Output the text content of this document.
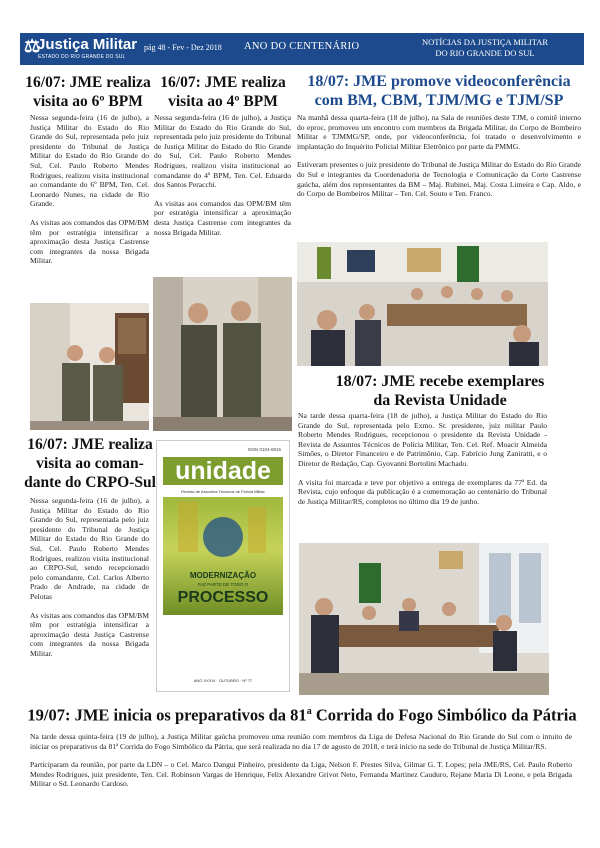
⚖
Justiça Militar
ESTADO DO RIO GRANDE DO SUL
pág 48 - Fev - Dez 2018 ANO DO CENTENÁRIO	NOTÍCIAS DA JUSTIÇA MILITAR
DO RIO GRANDE DO SUL
16/07: JME realiza
visita ao 6º BPM

Nessa segunda-feira (16 de julho), a Justiça Militar do Estado do Rio Grande do Sul, representada pelo juiz presidente do Tribunal de Justiça Militar do Estado do Rio Grande do Sul, Cel. Paulo Roberto Mendes Rodrigues, realizou visita institucional ao comandante do 6º BPM, Ten. Cel. Leonardo Nunes, na cidade de Rio Grande.

As visitas aos comandos das OPM/BM têm por estratégia intensificar a aproximação desta Justiça Castrense com integrantes da nossa Brigada Militar.

16/07: JME realiza
visita ao 4º BPM

Nessa segunda-feira (16 de julho), a Justiça Militar do Estado do Rio Grande do Sul, representada pelo juiz presidente do Tribunal de Justiça Militar do Estado do Rio Grande do Sul, Cel. Paulo Roberto Mendes Rodrigues, realizou visita institucional ao comandante do 4º BPM, Ten. Cel. Eduardo dos Santos Peracchi.

As visitas aos comandos das OPM/BM têm por estratégia intensificar a aproximação desta Justiça Castrense com integrantes da nossa Brigada Militar.

16/07: JME realiza
visita ao coman-
dante do CRPO-Sul

Nessa segunda-feira (16 de julho), a Justiça Militar do Estado do Rio Grande do Sul, representada pelo juiz presidente do Tribunal de Justiça Militar do Estado do Rio Grande do Sul, Cel. Paulo Roberto Mendes Rodrigues, realizou visita institucional ao CRPO-Sul, sendo recepcionado pelo comandante, Cel. Carlos Alberto Prado de Andrade, na cidade de Pelotas

As visitas aos comandos das OPM/BM têm por estratégia intensificar a aproximação desta Justiça Castrense com integrantes da nossa Brigada Militar.

ISSN 0104-6815
unidade
Revista de Assuntos Técnicos de Polícia Militar
MODERNIZAÇÃO
FAZ PARTE DE TODO O
PROCESSO
ANO XXXVI · OUTUBRO · Nº 77
18/07: JME promove videoconferência
com BM, CBM, TJM/MG e TJM/SP

Na manhã dessa quarta-feira (18 de julho), na Sala de reuniões deste TJM, o comitê interno do eproc, promoveu um encontro com membros da Brigada Militar, do Corpo de Bombeiro Militar e TJMMG/SP, onde, por videoconferência, foi tratado o desenvolvimento e implantação do Inquérito Policial Militar Eletrônico por parte da PMMG.

Estiveram presentes o juiz presidente do Tribunal de Justiça Militar do Estado do Rio Grande do Sul e integrantes da Coordenadoria de Tecnologia e Comunicação da Corte Castrense gaúcha, além dos representantes da BM – Maj. Rubinei, Maj. Costa Limeira e Cap. Aldo, e do Corpo de Bombeiros Militar – Ten. Cel. Souto e Ten. Franco.

18/07: JME recebe exemplares
da Revista Unidade

Na tarde dessa quarta-feira (18 de julho), a Justiça Militar do Estado do Rio Grande do Sul, representada pelo Exmo. Sr. presidente, juiz militar Paulo Roberto Mendes Rodrigues, recepcionou o presidente da Revista Unidade - Revista de Assuntos Técnicos de Polícia Militar, Ten. Cel. Ref. Moacir Almeida Simões, o Diretor Financeiro e de Patrimônio, Cap. Fabrício Jung Zaniratti, e o Diretor de Redação, Cap. Gyovanni Bortolini Machado.

A visita foi marcada e teve por objetivo a entrega de exemplares da 77ª Ed. da Revista, cujo enfoque da publicação é a comemoração ao centenário do Tribunal de Justiça Militar/RS, completos no último dia 19 de junho.

19/07: JME inicia os preparativos da 81$^a$ Corrida do Fogo Simbólico da Pátria

Na tarde dessa quinta-feira (19 de julho), a Justiça Militar gaúcha promoveu uma reunião com membros da Liga de Defesa Nacional do Rio Grande do Sul com o intuito de iniciar os preparativos da 81ª Corrida do Fogo Simbólico da Pátria, que será realizada no dia 17 de agosto de 2018, e terá início na sede do Tribunal de Justiça Militar/RS.

Participaram da reunião, por parte da LDN – o Cel. Marco Dangui Pinheiro, presidente da Liga, Nelson F. Prestes Silva, Gilmar G. T. Lopes; pela JME/RS, Cel. Paulo Roberto Mendes Rodrigues, juiz presidente, Ten. Cel. Robinson Vargas de Henrique, Felix Alexandre Grivot Neto, Fernanda Martinez Cauduro, Rejane Maria Di Leone, e pela Brigada Militar o Sd. Leonardo Cardoso.
